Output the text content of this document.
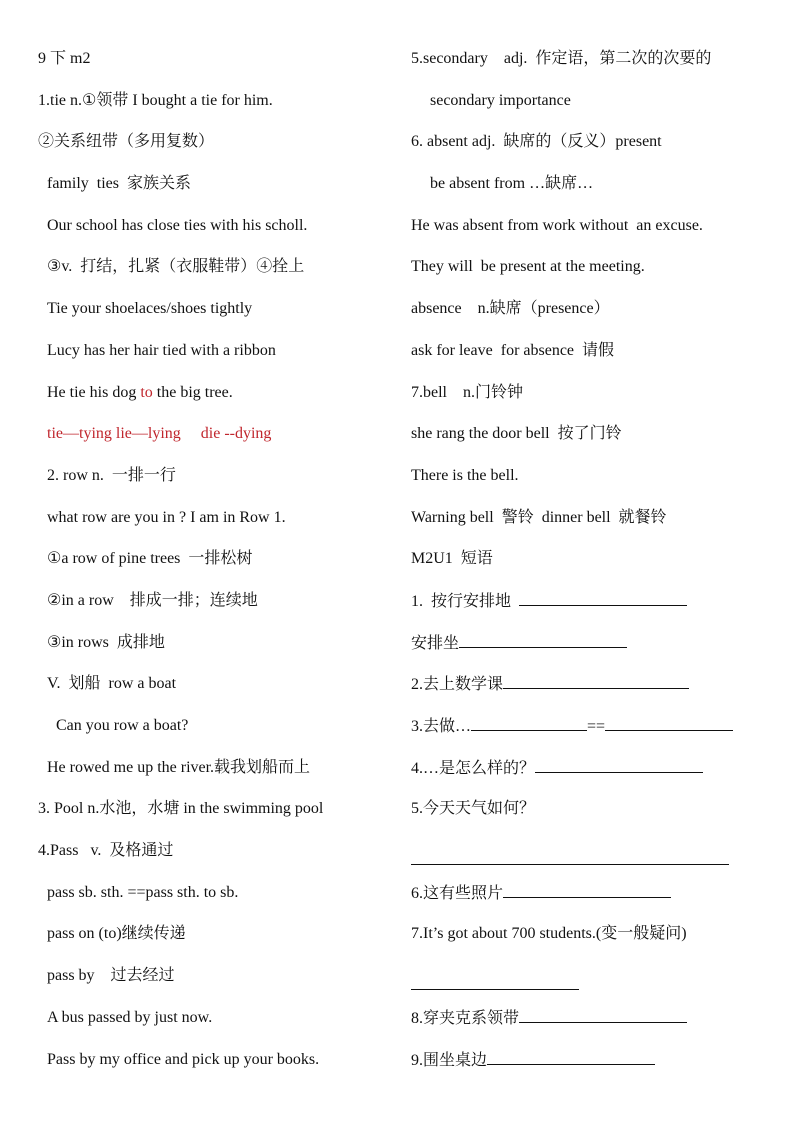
9 下 m2
1.tie n.①领带 I bought a tie for him.
②关系纽带（多用复数）
family  ties  家族关系
Our school has close ties with his scholl.
③v.  打结，扎紧（衣服鞋带）④拴上
Tie your shoelaces/shoes tightly
Lucy has her hair tied with a ribbon
He tie his dog to the big tree.
tie—tying lie—lying     die --dying
2. row n.  一排一行
what row are you in ? I am in Row 1.
①a row of pine trees  一排松树
②in a row    排成一排；连续地
③in rows  成排地
V.  划船  row a boat
Can you row a boat?
He rowed me up the river.载我划船而上
3. Pool n.水池，水塘 in the swimming pool
4.Pass   v.  及格通过
pass sb. sth. ==pass sth. to sb.
pass on (to)继续传递
pass by    过去经过
A bus passed by just now.
Pass by my office and pick up your books.
5.secondary    adj.  作定语，第二次的次要的
secondary importance
6. absent adj.  缺席的（反义）present
be absent from …缺席…
He was absent from work without  an excuse.
They will  be present at the meeting.
absence    n.缺席（presence）
ask for leave  for absence  请假
7.bell    n.门铃钟
she rang the door bell  按了门铃
There is the bell.
Warning bell  警铃  dinner bell  就餐铃
M2U1  短语
1.  按行安排地
安排坐
2.去上数学课
3.去做…	==
4.…是怎么样的？
5.今天天气如何？
6.这有些照片
7.It’s got about 700 students.(变一般疑问)
8.穿夹克系领带
9.围坐桌边
